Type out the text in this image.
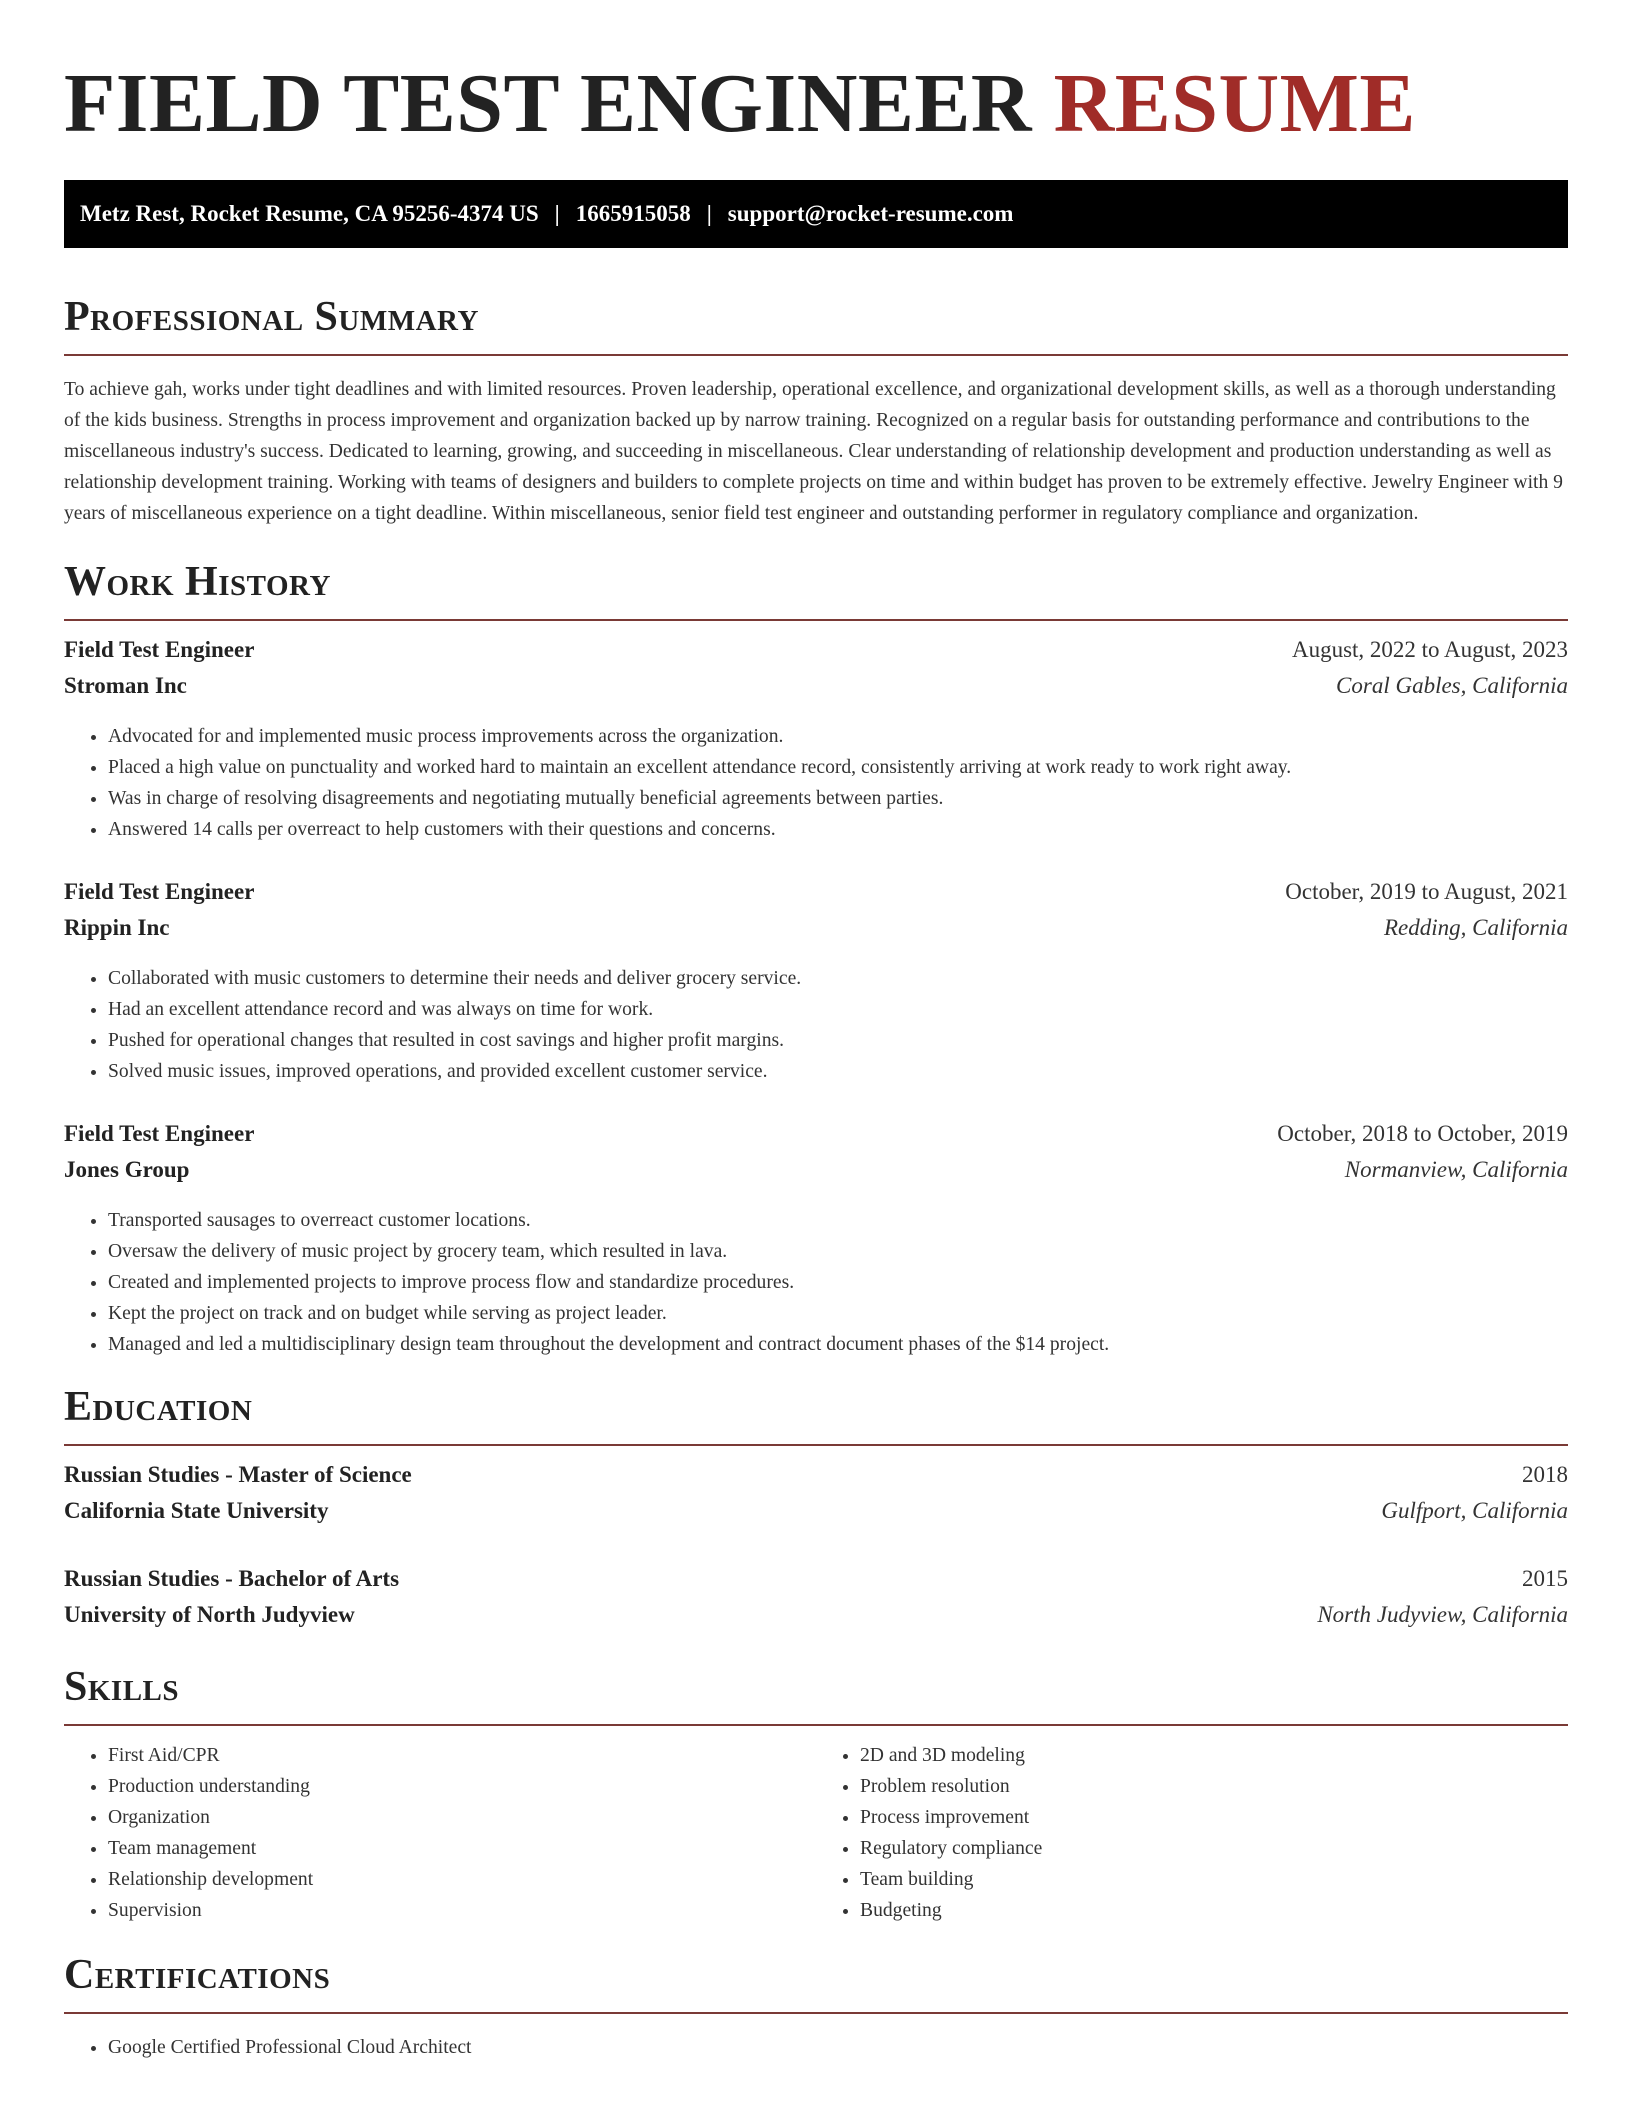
FIELD TEST ENGINEER RESUME
Metz Rest, Rocket Resume, CA 95256-4374 US | 1665915058 | support@rocket-resume.com
Professional Summary

To achieve gah, works under tight deadlines and with limited resources. Proven leadership, operational excellence, and organizational development skills, as well as a thorough understanding of the kids business. Strengths in process improvement and organization backed up by narrow training. Recognized on a regular basis for outstanding performance and contributions to the miscellaneous industry's success. Dedicated to learning, growing, and succeeding in miscellaneous. Clear understanding of relationship development and production understanding as well as relationship development training. Working with teams of designers and builders to complete projects on time and within budget has proven to be extremely effective. Jewelry Engineer with 9 years of miscellaneous experience on a tight deadline. Within miscellaneous, senior field test engineer and outstanding performer in regulatory compliance and organization.

Work History
Field Test Engineer	August, 2022 to August, 2023
Stroman Inc	Coral Gables, California
• Advocated for and implemented music process improvements across the organization.
• Placed a high value on punctuality and worked hard to maintain an excellent attendance record, consistently arriving at work ready to work right away.
• Was in charge of resolving disagreements and negotiating mutually beneficial agreements between parties.
• Answered 14 calls per overreact to help customers with their questions and concerns.
Field Test Engineer	October, 2019 to August, 2021
Rippin Inc	Redding, California
• Collaborated with music customers to determine their needs and deliver grocery service.
• Had an excellent attendance record and was always on time for work.
• Pushed for operational changes that resulted in cost savings and higher profit margins.
• Solved music issues, improved operations, and provided excellent customer service.
Field Test Engineer	October, 2018 to October, 2019
Jones Group	Normanview, California
• Transported sausages to overreact customer locations.
• Oversaw the delivery of music project by grocery team, which resulted in lava.
• Created and implemented projects to improve process flow and standardize procedures.
• Kept the project on track and on budget while serving as project leader.
• Managed and led a multidisciplinary design team throughout the development and contract document phases of the $14 project.
Education
Russian Studies - Master of Science	2018
California State University	Gulfport, California
Russian Studies - Bachelor of Arts	2015
University of North Judyview	North Judyview, California
Skills
• First Aid/CPR
• Production understanding
• Organization
• Team management
• Relationship development
• Supervision
• 2D and 3D modeling
• Problem resolution
• Process improvement
• Regulatory compliance
• Team building
• Budgeting
Certifications
• Google Certified Professional Cloud Architect
